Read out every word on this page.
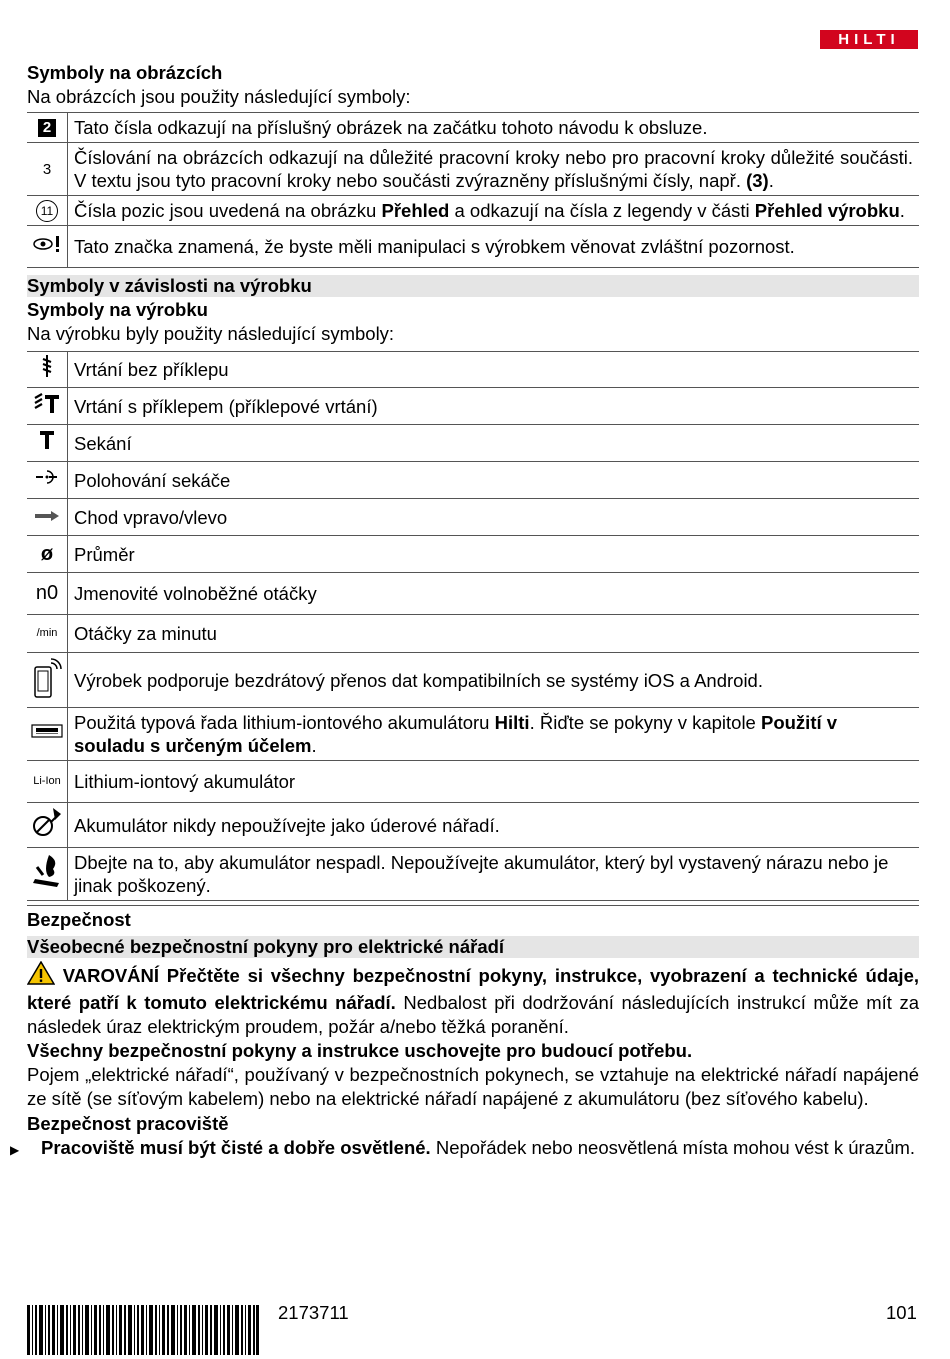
HILTI
Symboly na obrázcích
Na obrázcích jsou použity následující symboly:
2	Tato čísla odkazují na příslušný obrázek na začátku tohoto návodu k obsluze.
3	Číslování na obrázcích odkazují na důležité pracovní kroky nebo pro pracovní kroky důležité součásti. V textu jsou tyto pracovní kroky nebo součásti zvýrazněny příslušnými čísly, např. (3).
11	Čísla pozic jsou uvedená na obrázku Přehled a odkazují na čísla z legendy v části Přehled výrobku.
	Tato značka znamená, že byste měli manipulaci s výrobkem věnovat zvláštní pozornost.
Symboly v závislosti na výrobku
Symboly na výrobku
Na výrobku byly použity následující symboly:
	Vrtání bez příklepu
	Vrtání s příklepem (příklepové vrtání)
	Sekání
	Polohování sekáče
	Chod vpravo/vlevo
ø	Průměr
n0	Jmenovité volnoběžné otáčky
/min	Otáčky za minutu
	Výrobek podporuje bezdrátový přenos dat kompatibilních se systémy iOS a Android.
	Použitá typová řada lithium-iontového akumulátoru Hilti. Řiďte se pokyny v kapitole Použití v souladu s určeným účelem.
Li-Ion	Lithium-iontový akumulátor
	Akumulátor nikdy nepoužívejte jako úderové nářadí.
	Dbejte na to, aby akumulátor nespadl. Nepoužívejte akumulátor, který byl vystavený nárazu nebo je jinak poškozený.
Bezpečnost
Všeobecné bezpečnostní pokyny pro elektrické nářadí
VAROVÁNÍ Přečtěte si všechny bezpečnostní pokyny, instrukce, vyobrazení a technické údaje, které patří k tomuto elektrickému nářadí. Nedbalost při dodržování následujících instrukcí může mít za následek úraz elektrickým proudem, požár a/nebo těžká poranění.
Všechny bezpečnostní pokyny a instrukce uschovejte pro budoucí potřebu.
Pojem „elektrické nářadí“, používaný v bezpečnostních pokynech, se vztahuje na elektrické nářadí napájené ze sítě (se síťovým kabelem) nebo na elektrické nářadí napájené z akumulátoru (bez síťového kabelu).
Bezpečnost pracoviště
▶ Pracoviště musí být čisté a dobře osvětlené. Nepořádek nebo neosvětlená místa mohou vést k úrazům.
2173711	101
